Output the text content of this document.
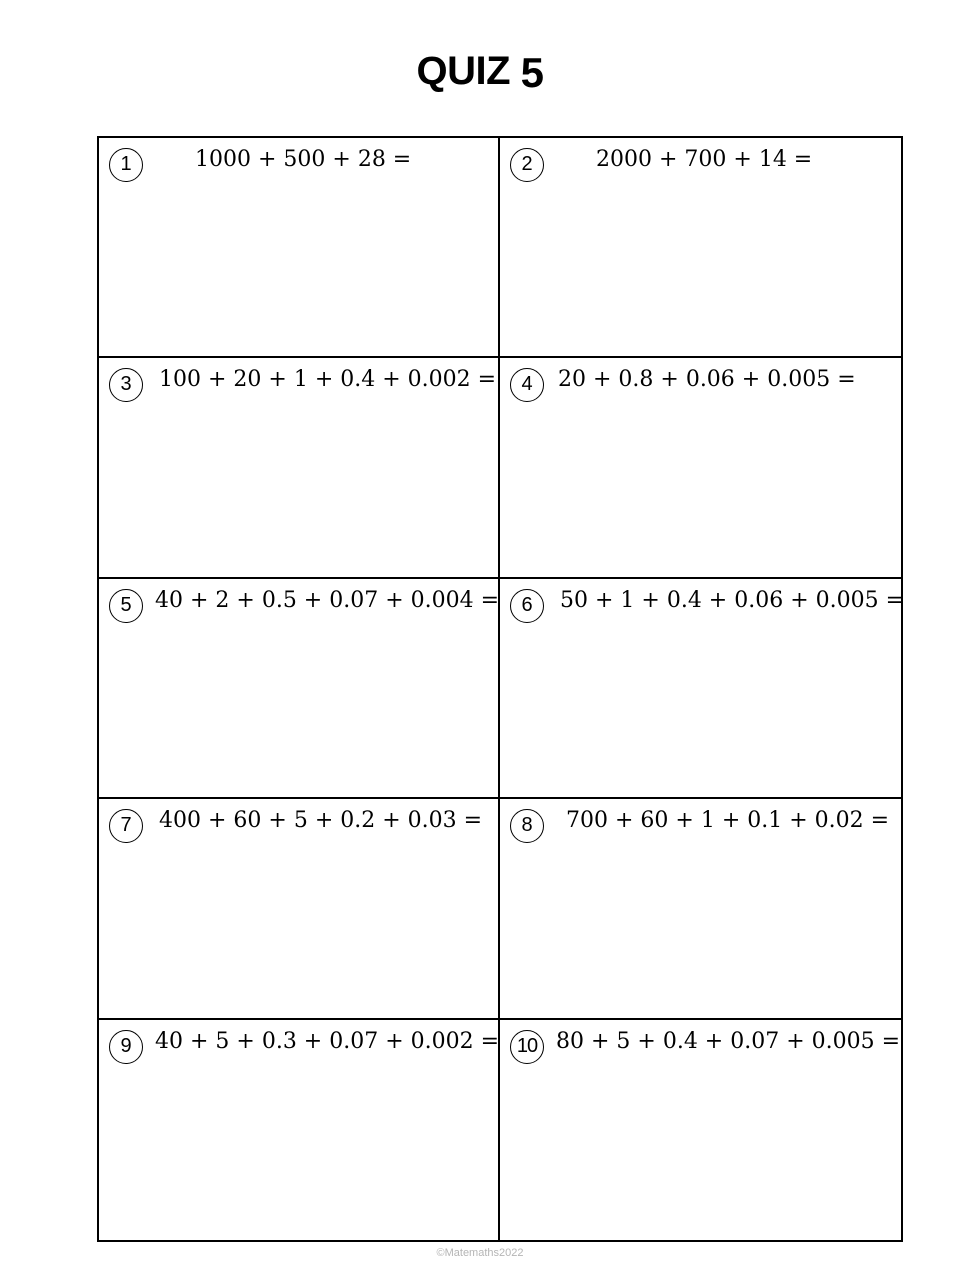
QUIZ 5
1	1000 + 500 + 28 =	2	2000 + 700 + 14 =
3	100 + 20 + 1 + 0.4 + 0.002 =	4	20 + 0.8 + 0.06 + 0.005 =
5	40 + 2 + 0.5 + 0.07 + 0.004 =	6	50 + 1 + 0.4 + 0.06 + 0.005 =
7	400 + 60 + 5 + 0.2 + 0.03 =	8	700 + 60 + 1 + 0.1 + 0.02 =
9	40 + 5 + 0.3 + 0.07 + 0.002 = 10 80 + 5 + 0.4 + 0.07 + 0.005 =
©Matemaths2022
